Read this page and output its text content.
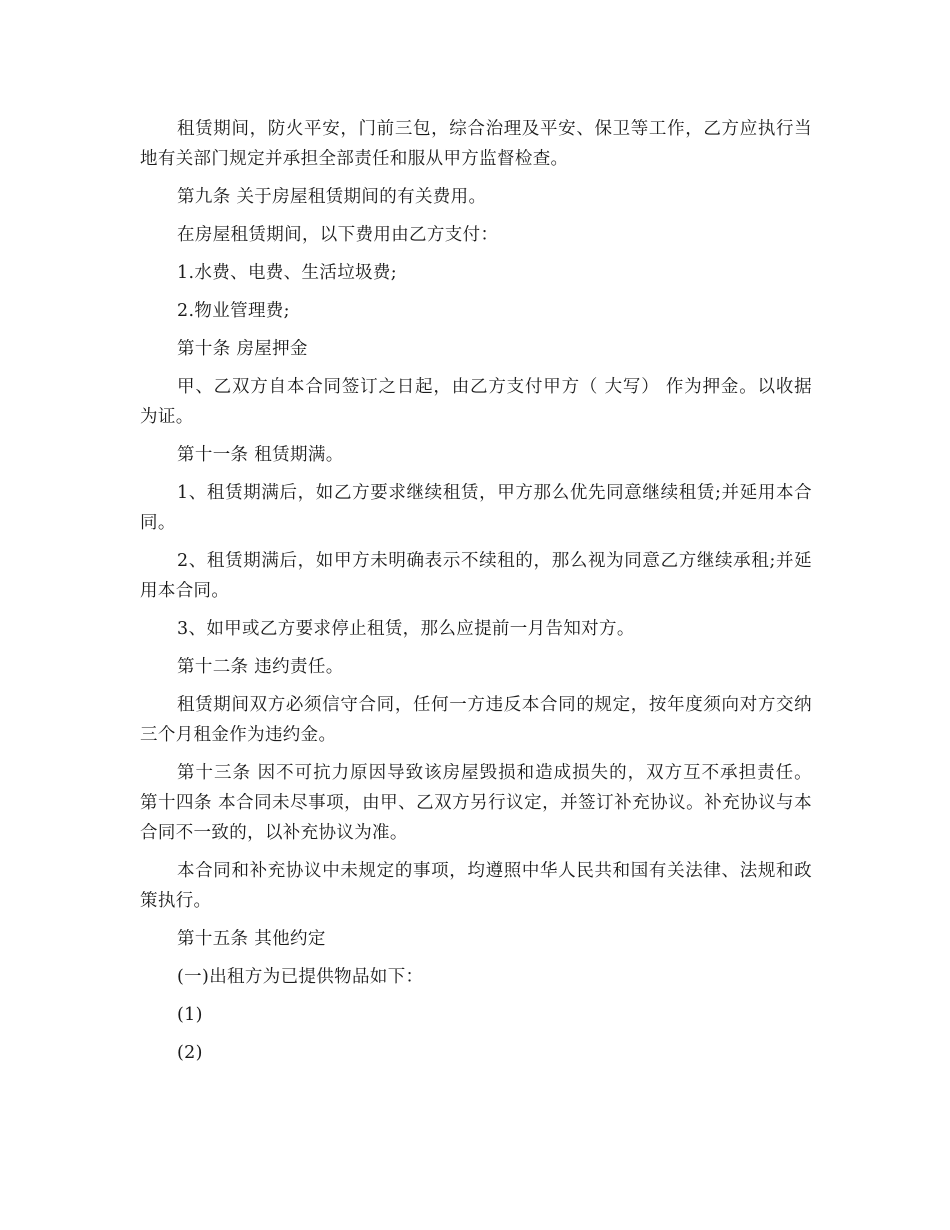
租赁期间，防火平安，门前三包，综合治理及平安、保卫等工作，乙方应执行当地有关部门规定并承担全部责任和服从甲方监督检查。

第九条 关于房屋租赁期间的有关费用。

在房屋租赁期间，以下费用由乙方支付：

1.水费、电费、生活垃圾费;

2.物业管理费;

第十条 房屋押金

甲、乙双方自本合同签订之日起，由乙方支付甲方（ 大写） 作为押金。以收据为证。

第十一条 租赁期满。

1、租赁期满后，如乙方要求继续租赁，甲方那么优先同意继续租赁;并延用本合同。

2、租赁期满后，如甲方未明确表示不续租的，那么视为同意乙方继续承租;并延用本合同。

3、如甲或乙方要求停止租赁，那么应提前一月告知对方。

第十二条 违约责任。

租赁期间双方必须信守合同，任何一方违反本合同的规定，按年度须向对方交纳三个月租金作为违约金。

第十三条 因不可抗力原因导致该房屋毁损和造成损失的，双方互不承担责任。 第十四条 本合同未尽事项，由甲、乙双方另行议定，并签订补充协议。补充协议与本合同不一致的，以补充协议为准。

本合同和补充协议中未规定的事项，均遵照中华人民共和国有关法律、法规和政策执行。

第十五条 其他约定

(一)出租方为已提供物品如下：

(1)

(2)
